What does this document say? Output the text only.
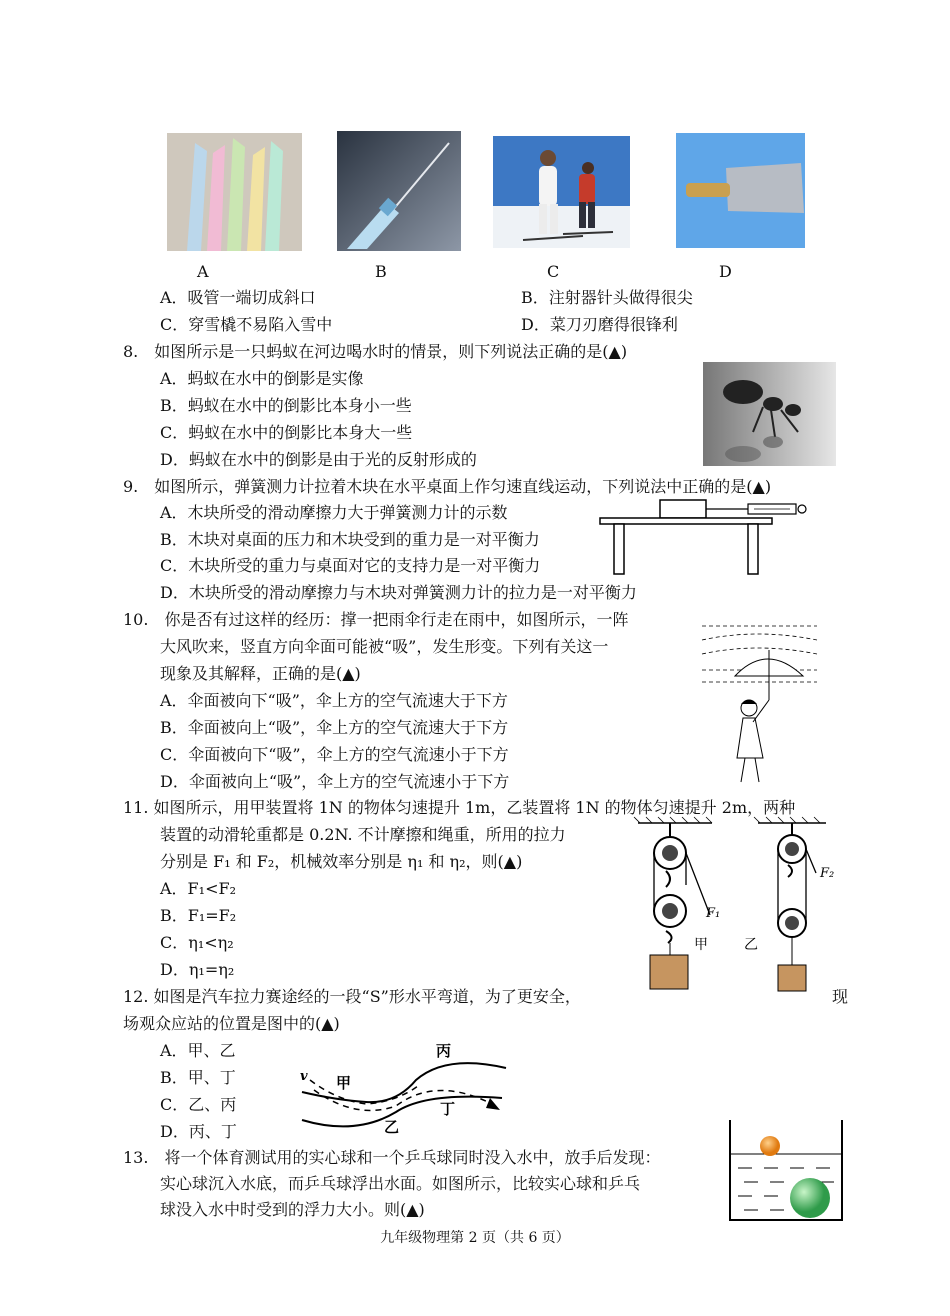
A	B	C	D
A．吸管一端切成斜口	B．注射器针头做得很尖
C．穿雪橇不易陷入雪中	D．菜刀刃磨得很锋利
8.　如图所示是一只蚂蚁在河边喝水时的情景，则下列说法正确的是(▲)
A．蚂蚁在水中的倒影是实像
B．蚂蚁在水中的倒影比本身小一些
C．蚂蚁在水中的倒影比本身大一些
D．蚂蚁在水中的倒影是由于光的反射形成的
9.　如图所示，弹簧测力计拉着木块在水平桌面上作匀速直线运动，下列说法中正确的是(▲)
A．木块所受的滑动摩擦力大于弹簧测力计的示数
B．木块对桌面的压力和木块受到的重力是一对平衡力
C．木块所受的重力与桌面对它的支持力是一对平衡力
D．木块所受的滑动摩擦力与木块对弹簧测力计的拉力是一对平衡力
10.　你是否有过这样的经历：撑一把雨伞行走在雨中，如图所示，一阵
大风吹来，竖直方向伞面可能被“吸”，发生形变。下列有关这一
现象及其解释，正确的是(▲)
A．伞面被向下“吸”，伞上方的空气流速大于下方
B．伞面被向上“吸”，伞上方的空气流速大于下方
C．伞面被向下“吸”，伞上方的空气流速小于下方
D．伞面被向上“吸”，伞上方的空气流速小于下方
11. 如图所示，用甲装置将 1N 的物体匀速提升 1m，乙装置将 1N 的物体匀速提升 2m，两种
装置的动滑轮重都是 0.2N. 不计摩擦和绳重，所用的拉力
分别是 F₁ 和 F₂，机械效率分别是 η₁ 和 η₂，则(▲)
A．F₁<F₂
B．F₁=F₂
C．η₁<η₂
D．η₁=η₂
F₁
甲
F₂
乙
12. 如图是汽车拉力赛途经的一段“S”形水平弯道，为了更安全，	现
场观众应站的位置是图中的(▲)
A．甲、乙
B．甲、丁
C．乙、丙
D．丙、丁
v 甲
丙
丁
乙
13.　将一个体育测试用的实心球和一个乒乓球同时没入水中，放手后发现：
实心球沉入水底，而乒乓球浮出水面。如图所示，比较实心球和乒乓
球没入水中时受到的浮力大小。则(▲)
九年级物理第 2 页（共 6 页）
